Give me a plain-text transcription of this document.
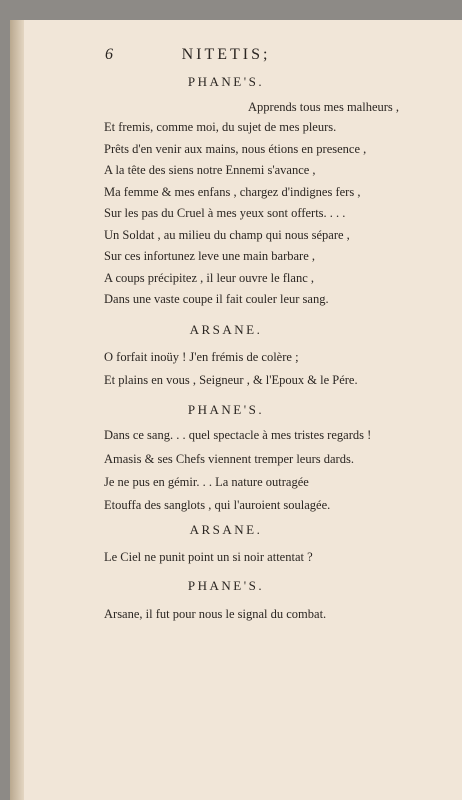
6	NITETIS;
PHANE'S.
Apprends tous mes malheurs ,
Et fremis, comme moi, du sujet de mes pleurs.
Prêts d'en venir aux mains, nous étions en presence ,
A la tête des siens notre Ennemi s'avance ,
Ma femme & mes enfans , chargez d'indignes fers ,
Sur les pas du Cruel à mes yeux sont offerts. . . .
Un Soldat , au milieu du champ qui nous sépare ,
Sur ces infortunez leve une main barbare ,
A coups précipitez , il leur ouvre le flanc ,
Dans une vaste coupe il fait couler leur sang.
ARSANE.
O forfait inoüy ! J'en frémis de colère ;
Et plains en vous , Seigneur , & l'Epoux & le Pére.
PHANE'S.
Dans ce sang. . . quel spectacle à mes tristes regards !
Amasis & ses Chefs viennent tremper leurs dards.
Je ne pus en gémir. . . La nature outragée
Etouffa des sanglots , qui l'auroient soulagée.
ARSANE.
Le Ciel ne punit point un si noir attentat ?
PHANE'S.
Arsane, il fut pour nous le signal du combat.
